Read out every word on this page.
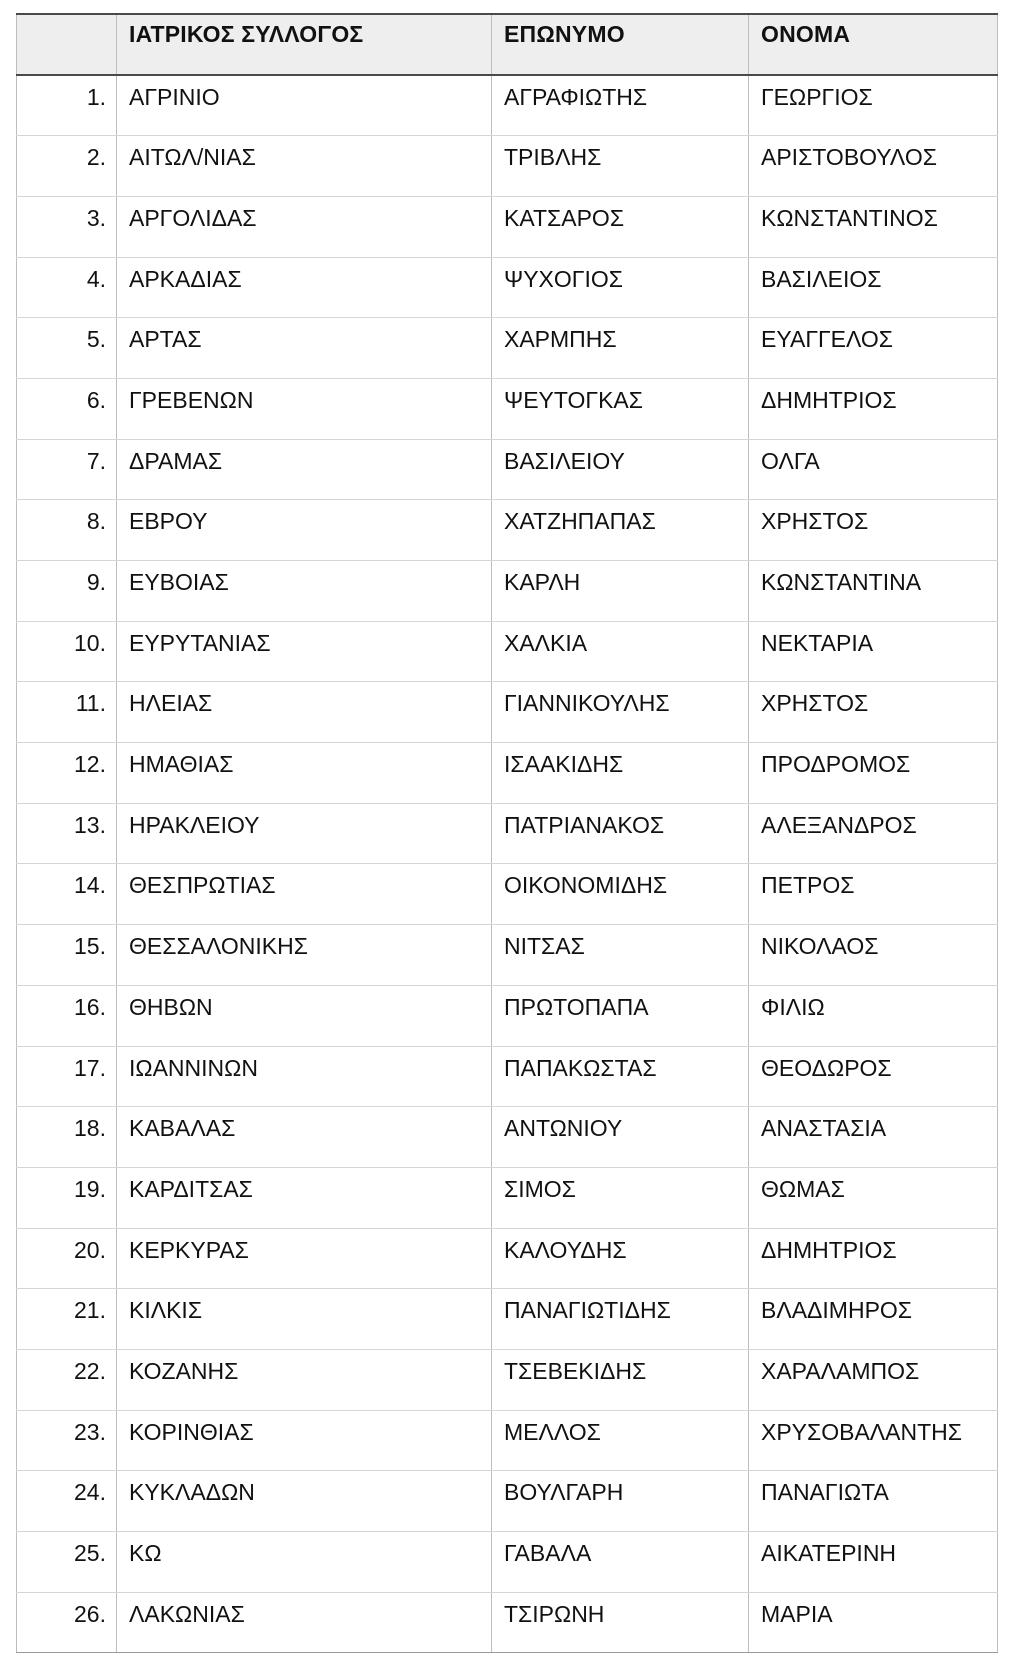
	ΙΑΤΡΙΚΟΣ ΣΥΛΛΟΓΟΣ	ΕΠΩΝΥΜΟ	ΟΝΟΜΑ
1.	ΑΓΡΙΝΙΟ	ΑΓΡΑΦΙΩΤΗΣ	ΓΕΩΡΓΙΟΣ
2.	ΑΙΤΩΛ/ΝΙΑΣ	ΤΡΙΒΛΗΣ	ΑΡΙΣΤΟΒΟΥΛΟΣ
3.	ΑΡΓΟΛΙΔΑΣ	ΚΑΤΣΑΡΟΣ	ΚΩΝΣΤΑΝΤΙΝΟΣ
4.	ΑΡΚΑΔΙΑΣ	ΨΥΧΟΓΙΟΣ	ΒΑΣΙΛΕΙΟΣ
5.	ΑΡΤΑΣ	ΧΑΡΜΠΗΣ	ΕΥΑΓΓΕΛΟΣ
6.	ΓΡΕΒΕΝΩΝ	ΨΕΥΤΟΓΚΑΣ	ΔΗΜΗΤΡΙΟΣ
7.	ΔΡΑΜΑΣ	ΒΑΣΙΛΕΙΟΥ	ΟΛΓΑ
8.	ΕΒΡΟΥ	ΧΑΤΖΗΠΑΠΑΣ	ΧΡΗΣΤΟΣ
9.	ΕΥΒΟΙΑΣ	ΚΑΡΛΗ	ΚΩΝΣΤΑΝΤΙΝΑ
10.	ΕΥΡΥΤΑΝΙΑΣ	ΧΑΛΚΙΑ	ΝΕΚΤΑΡΙΑ
11.	ΗΛΕΙΑΣ	ΓΙΑΝΝΙΚΟΥΛΗΣ	ΧΡΗΣΤΟΣ
12.	ΗΜΑΘΙΑΣ	ΙΣΑΑΚΙΔΗΣ	ΠΡΟΔΡΟΜΟΣ
13.	ΗΡΑΚΛΕΙΟΥ	ΠΑΤΡΙΑΝΑΚΟΣ	ΑΛΕΞΑΝΔΡΟΣ
14.	ΘΕΣΠΡΩΤΙΑΣ	ΟΙΚΟΝΟΜΙΔΗΣ	ΠΕΤΡΟΣ
15.	ΘΕΣΣΑΛΟΝΙΚΗΣ	ΝΙΤΣΑΣ	ΝΙΚΟΛΑΟΣ
16.	ΘΗΒΩΝ	ΠΡΩΤΟΠΑΠΑ	ΦΙΛΙΩ
17.	ΙΩΑΝΝΙΝΩΝ	ΠΑΠΑΚΩΣΤΑΣ	ΘΕΟΔΩΡΟΣ
18.	ΚΑΒΑΛΑΣ	ΑΝΤΩΝΙΟΥ	ΑΝΑΣΤΑΣΙΑ
19.	ΚΑΡΔΙΤΣΑΣ	ΣΙΜΟΣ	ΘΩΜΑΣ
20.	ΚΕΡΚΥΡΑΣ	ΚΑΛΟΥΔΗΣ	ΔΗΜΗΤΡΙΟΣ
21.	ΚΙΛΚΙΣ	ΠΑΝΑΓΙΩΤΙΔΗΣ	ΒΛΑΔΙΜΗΡΟΣ
22.	ΚΟΖΑΝΗΣ	ΤΣΕΒΕΚΙΔΗΣ	ΧΑΡΑΛΑΜΠΟΣ
23.	ΚΟΡΙΝΘΙΑΣ	ΜΕΛΛΟΣ	ΧΡΥΣΟΒΑΛΑΝΤΗΣ
24.	ΚΥΚΛΑΔΩΝ	ΒΟΥΛΓΑΡΗ	ΠΑΝΑΓΙΩΤΑ
25.	ΚΩ	ΓΑΒΑΛΑ	ΑΙΚΑΤΕΡΙΝΗ
26.	ΛΑΚΩΝΙΑΣ	ΤΣΙΡΩΝΗ	ΜΑΡΙΑ
